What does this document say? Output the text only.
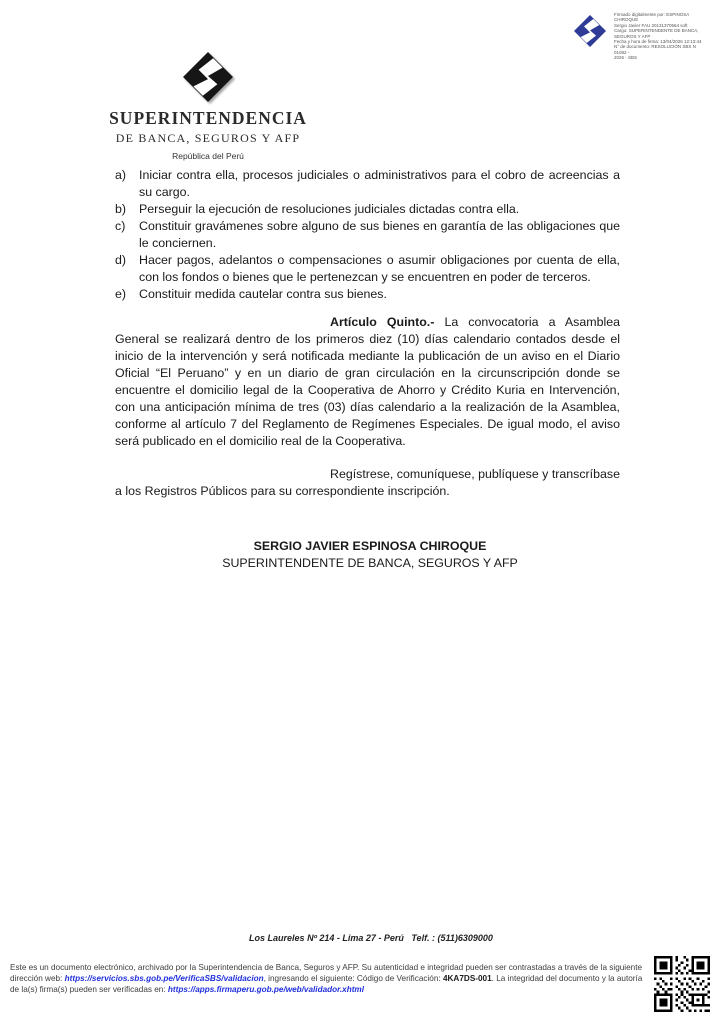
Firmado digitalmente por: ESPINOSA CHIROQUE
Sergio Javier FAU 20131370564 soft
Cargo: SUPERINTENDENTE DE BANCA,
SEGUROS Y AFP
Fecha y hora de firma: 13/04/2026 12:13:44
N° de documento: RESOLUCIÓN SBS N 01082 -
2026 - SBS
SUPERINTENDENCIA
DE BANCA, SEGUROS Y AFP
República del Perú
a)	Iniciar contra ella, procesos judiciales o administrativos para el cobro de acreencias a su cargo.
b)	Perseguir la ejecución de resoluciones judiciales dictadas contra ella.
c)	Constituir gravámenes sobre alguno de sus bienes en garantía de las obligaciones que le conciernen.
d)	Hacer pagos, adelantos o compensaciones o asumir obligaciones por cuenta de ella, con los fondos o bienes que le pertenezcan y se encuentren en poder de terceros.
e)	Constituir medida cautelar contra sus bienes.

Artículo Quinto.- La convocatoria a Asamblea General se realizará dentro de los primeros diez (10) días calendario contados desde el inicio de la intervención y será notificada mediante la publicación de un aviso en el Diario Oficial “El Peruano” y en un diario de gran circulación en la circunscripción donde se encuentre el domicilio legal de la Cooperativa de Ahorro y Crédito Kuria en Intervención, con una anticipación mínima de tres (03) días calendario a la realización de la Asamblea, conforme al artículo 7 del Reglamento de Regímenes Especiales. De igual modo, el aviso será publicado en el domicilio real de la Cooperativa.

Regístrese, comuníquese, publíquese y transcríbase a los Registros Públicos para su correspondiente inscripción.

SERGIO JAVIER ESPINOSA CHIROQUE
SUPERINTENDENTE DE BANCA, SEGUROS Y AFP
Los Laureles Nº 214 - Lima 27 - Perú   Telf. : (511)6309000
Este es un documento electrónico, archivado por la Superintendencia de Banca, Seguros y AFP. Su autenticidad e integridad pueden ser contrastadas a través de la siguiente dirección web: https://servicios.sbs.gob.pe/VerificaSBS/validacion, ingresando el siguiente: Código de Verificación: 4KA7DS-001. La integridad del documento y la autoría de la(s) firma(s) pueden ser verificadas en: https://apps.firmaperu.gob.pe/web/validador.xhtml
